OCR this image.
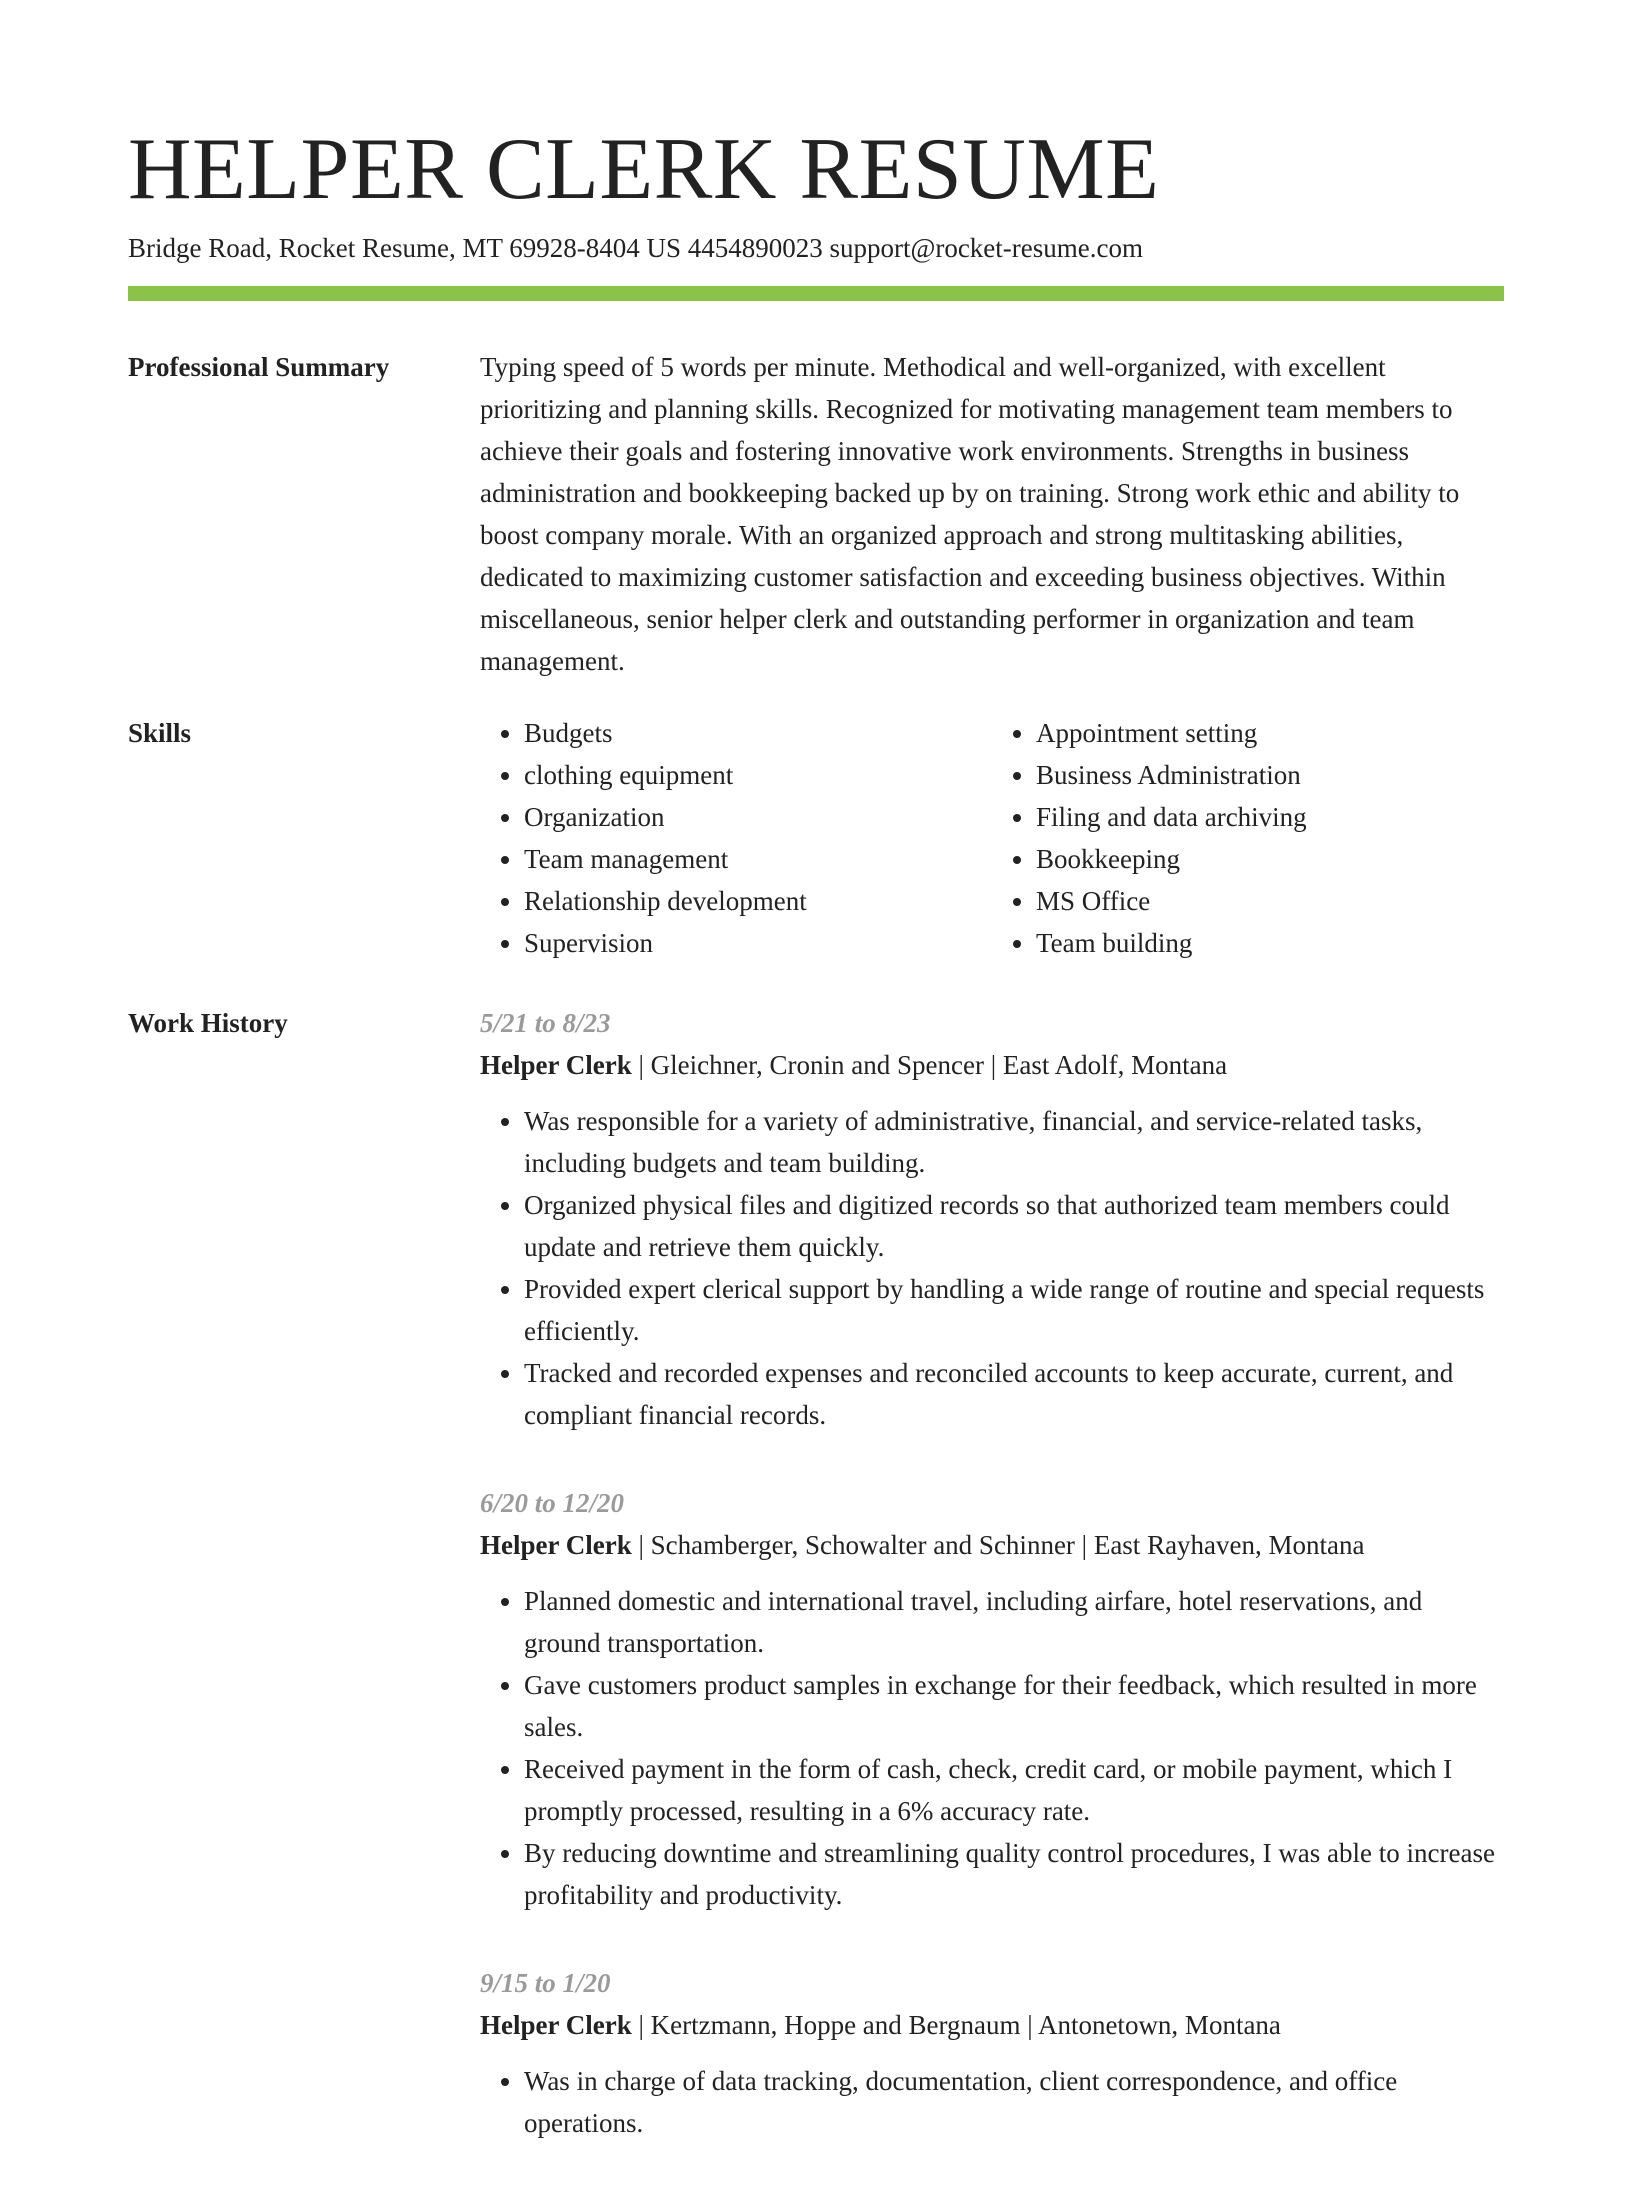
HELPER CLERK RESUME
Bridge Road, Rocket Resume, MT 69928-8404 US 4454890023 support@rocket-resume.com
Professional Summary	Typing speed of 5 words per minute. Methodical and well-organized, with excellent prioritizing and planning skills. Recognized for motivating management team members to achieve their goals and fostering innovative work environments. Strengths in business administration and bookkeeping backed up by on training. Strong work ethic and ability to boost company morale. With an organized approach and strong multitasking abilities, dedicated to maximizing customer satisfaction and exceeding business objectives. Within miscellaneous, senior helper clerk and outstanding performer in organization and team management.

Skills
•	Budgets
• clothing equipment
• Organization
• Team management
• Relationship development
• Supervision
• Appointment setting
• Business Administration
• Filing and data archiving
• Bookkeeping
• MS Office
• Team building
Work History	5/21 to 8/23
Helper Clerk | Gleichner, Cronin and Spencer | East Adolf, Montana
• Was responsible for a variety of administrative, financial, and service-related tasks, including budgets and team building.
• Organized physical files and digitized records so that authorized team members could update and retrieve them quickly.
• Provided expert clerical support by handling a wide range of routine and special requests efficiently.
• Tracked and recorded expenses and reconciled accounts to keep accurate, current, and compliant financial records.
6/20 to 12/20
Helper Clerk | Schamberger, Schowalter and Schinner | East Rayhaven, Montana
• Planned domestic and international travel, including airfare, hotel reservations, and ground transportation.
• Gave customers product samples in exchange for their feedback, which resulted in more sales.
• Received payment in the form of cash, check, credit card, or mobile payment, which I promptly processed, resulting in a 6% accuracy rate.
• By reducing downtime and streamlining quality control procedures, I was able to increase profitability and productivity.
9/15 to 1/20
Helper Clerk | Kertzmann, Hoppe and Bergnaum | Antonetown, Montana
• Was in charge of data tracking, documentation, client correspondence, and office operations.
